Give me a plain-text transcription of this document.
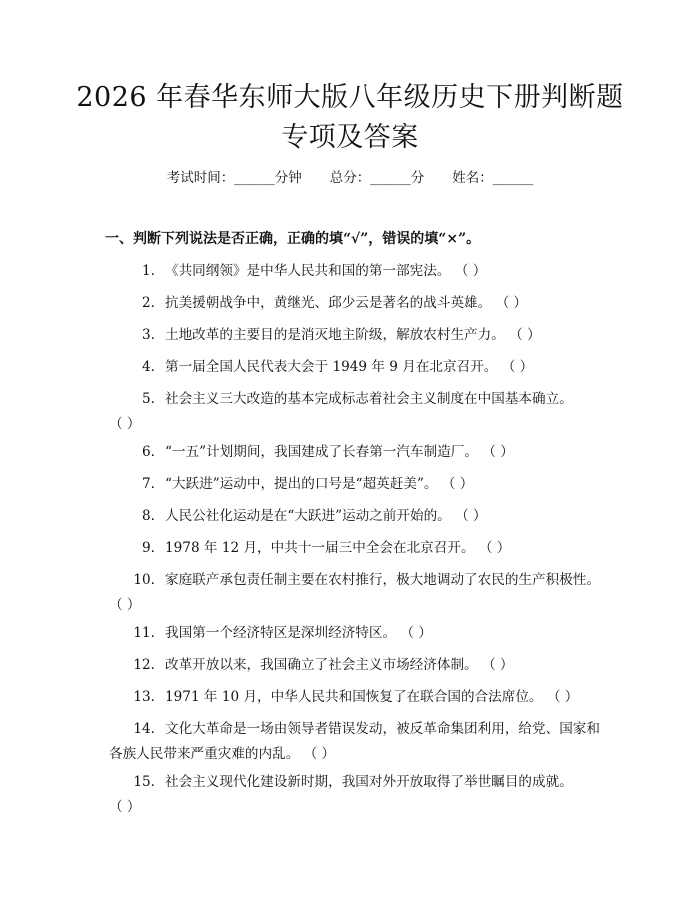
2026 年春华东师大版八年级历史下册判断题
专项及答案
考试时间：______分钟 总分：______分 姓名：______
一、判断下列说法是否正确，正确的填“√”，错误的填“×”。
1. 《共同纲领》是中华人民共和国的第一部宪法。 （ ）
2. 抗美援朝战争中，黄继光、邱少云是著名的战斗英雄。 （ ）
3. 土地改革的主要目的是消灭地主阶级，解放农村生产力。 （ ）
4. 第一届全国人民代表大会于 1949 年 9 月在北京召开。 （ ）
5. 社会主义三大改造的基本完成标志着社会主义制度在中国基本确立。
（ ）
6. “一五”计划期间，我国建成了长春第一汽车制造厂。 （ ）
7. “大跃进”运动中，提出的口号是“超英赶美”。 （ ）
8. 人民公社化运动是在“大跃进”运动之前开始的。 （ ）
9. 1978 年 12 月，中共十一届三中全会在北京召开。 （ ）
10. 家庭联产承包责任制主要在农村推行，极大地调动了农民的生产积极性。
（ ）
11. 我国第一个经济特区是深圳经济特区。 （ ）
12. 改革开放以来，我国确立了社会主义市场经济体制。 （ ）
13. 1971 年 10 月，中华人民共和国恢复了在联合国的合法席位。 （ ）
14. 文化大革命是一场由领导者错误发动，被反革命集团利用，给党、国家和
各族人民带来严重灾难的内乱。 （ ）
15. 社会主义现代化建设新时期，我国对外开放取得了举世瞩目的成就。
（ ）
